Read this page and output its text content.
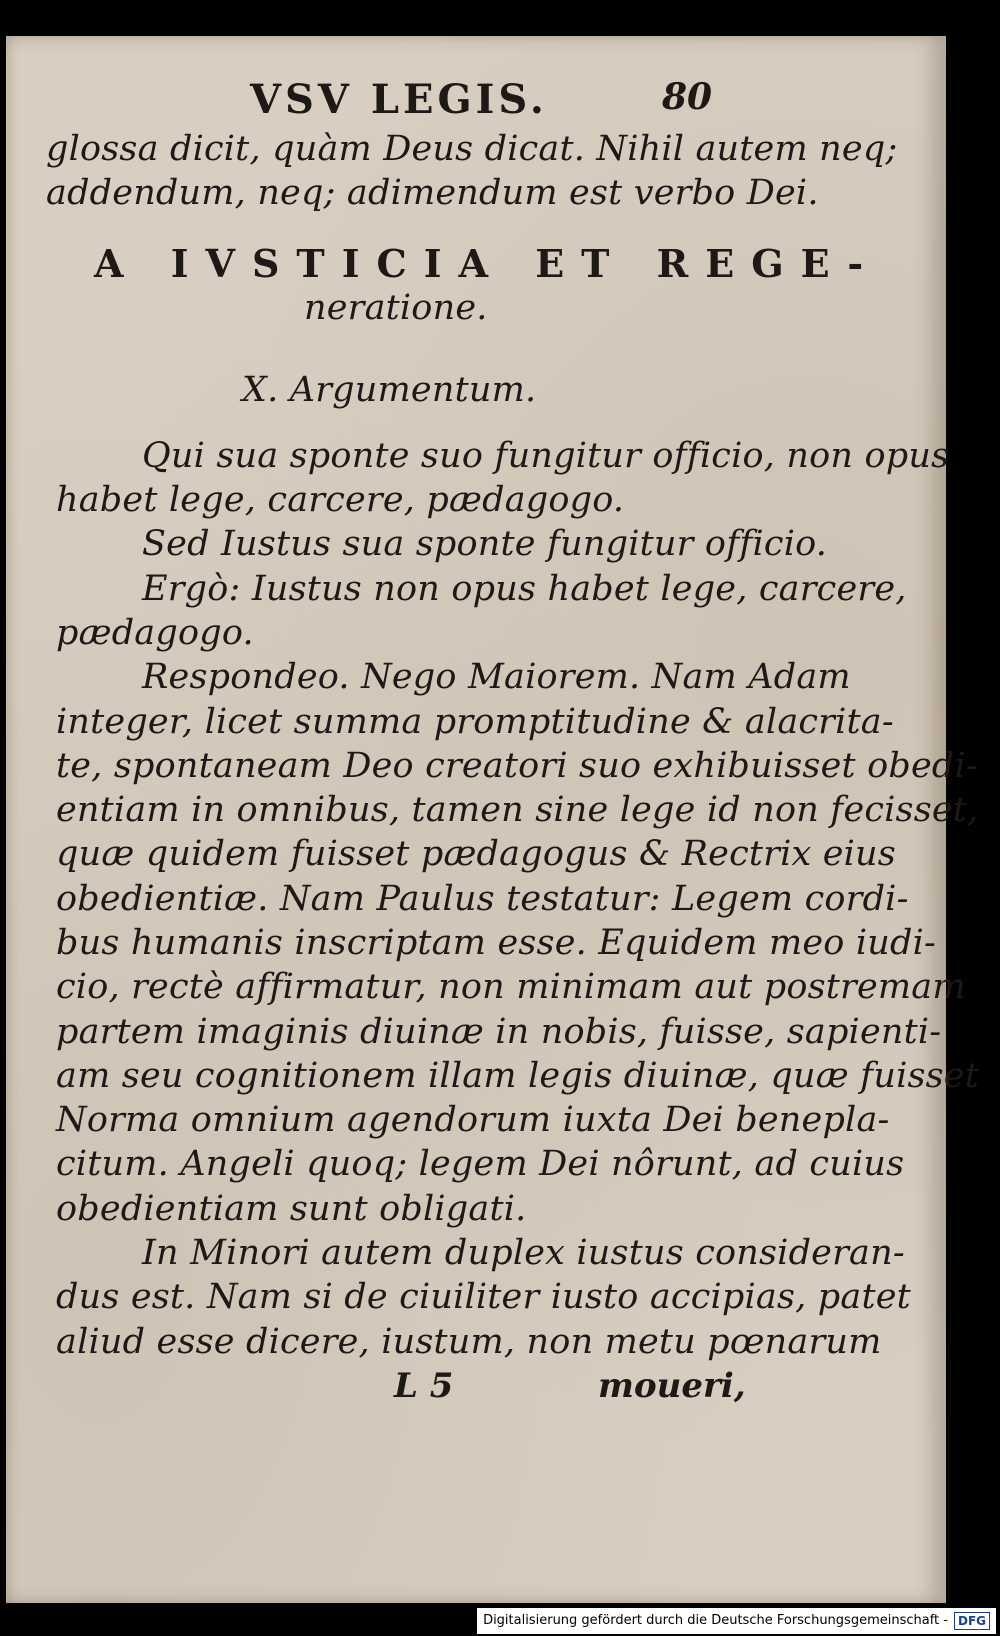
VSV LEGIS.	80
glossa dicit, quàm Deus dicat. Nihil autem neq;
addendum, neq; adimendum est verbo Dei.
A IVSTICIA ET REGE-
neratione.
X. Argumentum.
Qui sua sponte suo fungitur officio, non opus
habet lege, carcere, pædagogo.
Sed Iustus sua sponte fungitur officio.
Ergò: Iustus non opus habet lege, carcere,
pædagogo.
Respondeo. Nego Maiorem. Nam Adam
integer, licet summa promptitudine & alacrita-
te, spontaneam Deo creatori suo exhibuisset obedi-
entiam in omnibus, tamen sine lege id non fecisset,
quæ quidem fuisset pædagogus & Rectrix eius
obedientiæ. Nam Paulus testatur: Legem cordi-
bus humanis inscriptam esse. Equidem meo iudi-
cio, rectè affirmatur, non minimam aut postremam
partem imaginis diuinæ in nobis, fuisse, sapienti-
am seu cognitionem illam legis diuinæ, quæ fuisset
Norma omnium agendorum iuxta Dei benepla-
citum. Angeli quoq; legem Dei nôrunt, ad cuius
obedientiam sunt obligati.
In Minori autem duplex iustus consideran-
dus est. Nam si de ciuiliter iusto accipias, patet
aliud esse dicere, iustum, non metu pœnarum
L 5	moueri,
Digitalisierung gefördert durch die Deutsche Forschungsgemeinschaft - DFG
